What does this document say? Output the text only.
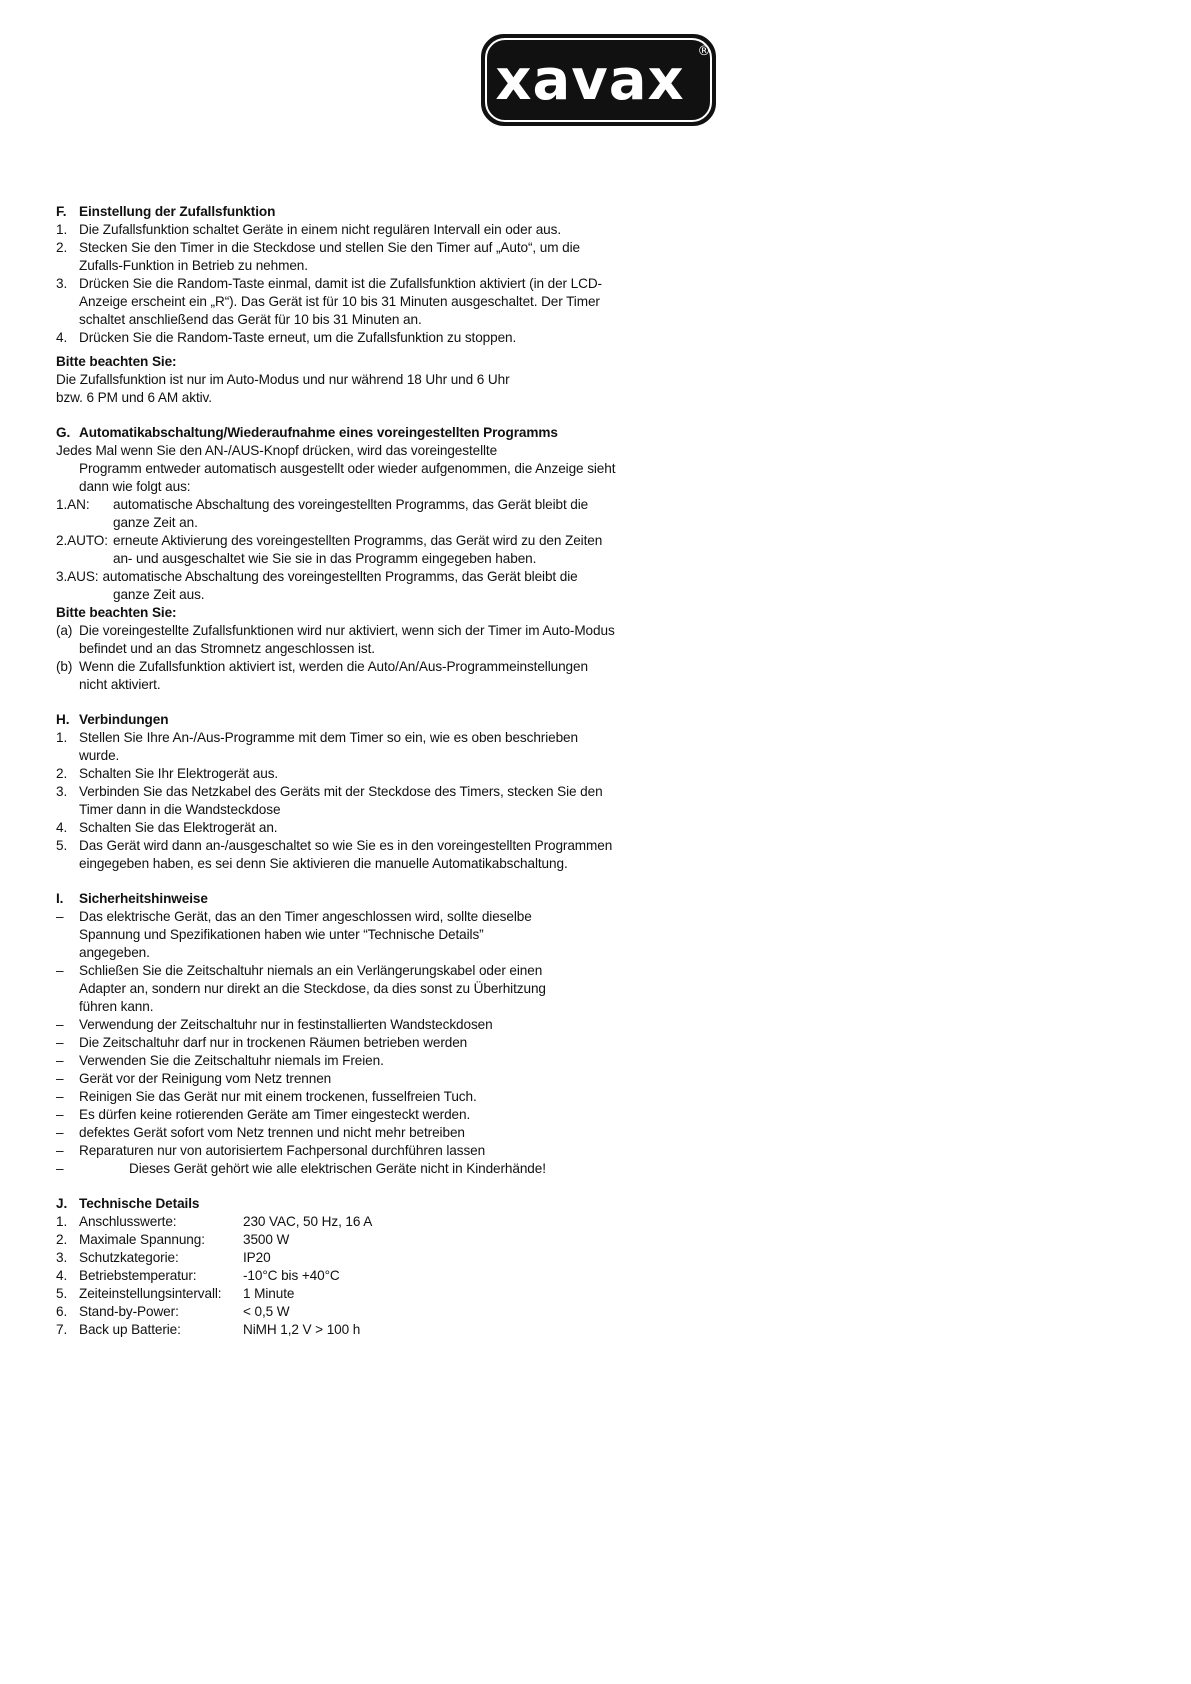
xavax ®
F. Einstellung der Zufallsfunktion
1. Die Zufallsfunktion schaltet Geräte in einem nicht regulären Intervall ein oder aus.
2. Stecken Sie den Timer in die Steckdose und stellen Sie den Timer auf „Auto“, um die Zufalls-Funktion in Betrieb zu nehmen.
3. Drücken Sie die Random-Taste einmal, damit ist die Zufallsfunktion aktiviert (in der LCD-Anzeige erscheint ein „R“). Das Gerät ist für 10 bis 31 Minuten ausgeschaltet. Der Timer schaltet anschließend das Gerät für 10 bis 31 Minuten an.
4. Drücken Sie die Random-Taste erneut, um die Zufallsfunktion zu stoppen.
Bitte beachten Sie:
Die Zufallsfunktion ist nur im Auto-Modus und nur während 18 Uhr und 6 Uhr
bzw. 6 PM und 6 AM aktiv.
G. Automatikabschaltung/Wiederaufnahme eines voreingestellten Programms
Jedes Mal wenn Sie den AN-/AUS-Knopf drücken, wird das voreingestellte
Programm entweder automatisch ausgestellt oder wieder aufgenommen, die Anzeige sieht dann wie folgt aus:
1.AN:	automatische Abschaltung des voreingestellten Programms, das Gerät bleibt die ganze Zeit an.
2.AUTO: erneute Aktivierung des voreingestellten Programms, das Gerät wird zu den Zeiten an- und ausgeschaltet wie Sie sie in das Programm eingegeben haben.
3.AUS: automatische Abschaltung des voreingestellten Programms, das Gerät bleibt die
ganze Zeit aus.
Bitte beachten Sie:
(a) Die voreingestellte Zufallsfunktionen wird nur aktiviert, wenn sich der Timer im Auto-Modus befindet und an das Stromnetz angeschlossen ist.
(b) Wenn die Zufallsfunktion aktiviert ist, werden die Auto/An/Aus-Programmeinstellungen nicht aktiviert.
H. Verbindungen
1. Stellen Sie Ihre An-/Aus-Programme mit dem Timer so ein, wie es oben beschrieben wurde.
2. Schalten Sie Ihr Elektrogerät aus.
3. Verbinden Sie das Netzkabel des Geräts mit der Steckdose des Timers, stecken Sie den Timer dann in die Wandsteckdose
4. Schalten Sie das Elektrogerät an.
5. Das Gerät wird dann an-/ausgeschaltet so wie Sie es in den voreingestellten Programmen eingegeben haben, es sei denn Sie aktivieren die manuelle Automatikabschaltung.
I.	Sicherheitshinweise
–	Das elektrische Gerät, das an den Timer angeschlossen wird, sollte dieselbe Spannung und Spezifikationen haben wie unter “Technische Details” angegeben.
–	Schließen Sie die Zeitschaltuhr niemals an ein Verlängerungskabel oder einen Adapter an, sondern nur direkt an die Steckdose, da dies sonst zu Überhitzung führen kann.
–	Verwendung der Zeitschaltuhr nur in festinstallierten Wandsteckdosen
–	Die Zeitschaltuhr darf nur in trockenen Räumen betrieben werden
–	Verwenden Sie die Zeitschaltuhr niemals im Freien.
–	Gerät vor der Reinigung vom Netz trennen
–	Reinigen Sie das Gerät nur mit einem trockenen, fusselfreien Tuch.
–	Es dürfen keine rotierenden Geräte am Timer eingesteckt werden.
–	defektes Gerät sofort vom Netz trennen und nicht mehr betreiben
–	Reparaturen nur von autorisiertem Fachpersonal durchführen lassen
–	Dieses Gerät gehört wie alle elektrischen Geräte nicht in Kinderhände!
J. Technische Details
1. Anschlusswerte:	230 VAC, 50 Hz, 16 A
2. Maximale Spannung:	3500 W
3. Schutzkategorie:	IP20
4. Betriebstemperatur:	-10°C bis +40°C
5. Zeiteinstellungsintervall:	1 Minute
6. Stand-by-Power:	< 0,5 W
7. Back up Batterie:	NiMH 1,2 V > 100 h
